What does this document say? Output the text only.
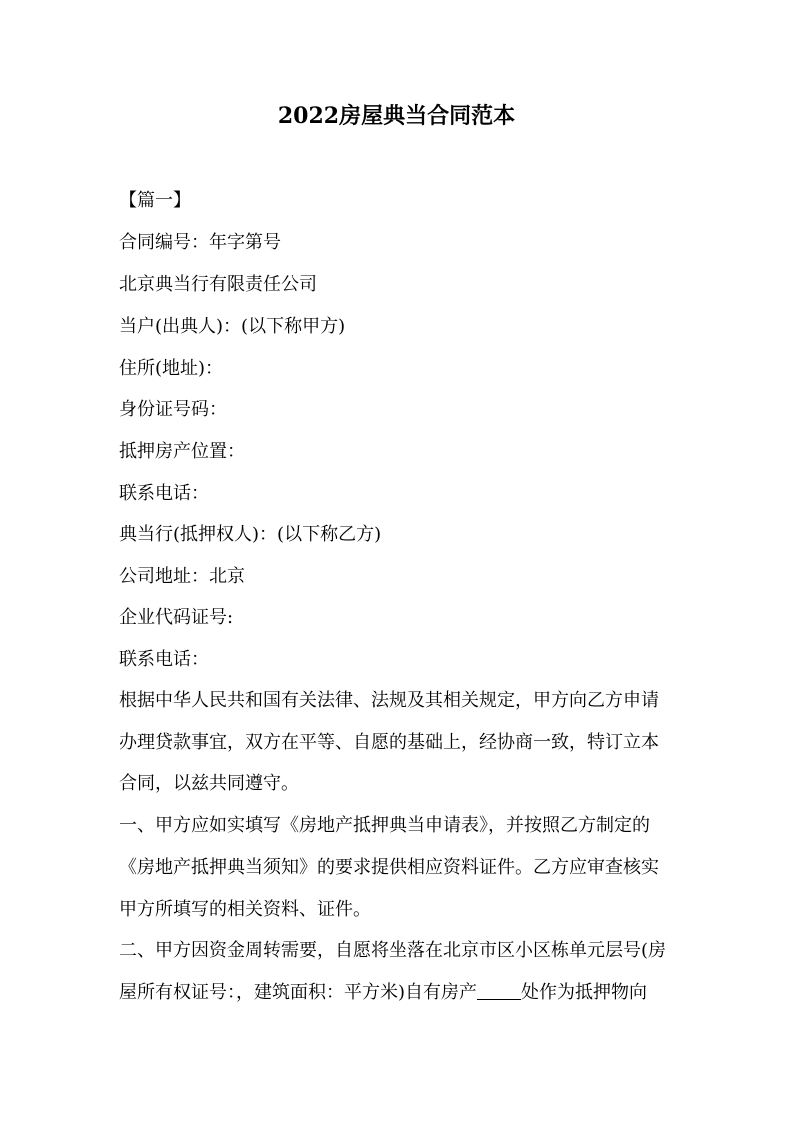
2022房屋典当合同范本

【篇一】

合同编号：年字第号

北京典当行有限责任公司

当户(出典人)：(以下称甲方)

住所(地址)：

身份证号码：

抵押房产位置：

联系电话：

典当行(抵押权人)：(以下称乙方)

公司地址：北京

企业代码证号:

联系电话：

根据中华人民共和国有关法律、法规及其相关规定，甲方向乙方申请

办理贷款事宜，双方在平等、自愿的基础上，经协商一致，特订立本

合同，以兹共同遵守。

一、甲方应如实填写《房地产抵押典当申请表》，并按照乙方制定的

《房地产抵押典当须知》的要求提供相应资料证件。乙方应审查核实

甲方所填写的相关资料、证件。

二、甲方因资金周转需要，自愿将坐落在北京市区小区栋单元层号(房

屋所有权证号：，建筑面积：平方米)自有房产 处作为抵押物向
